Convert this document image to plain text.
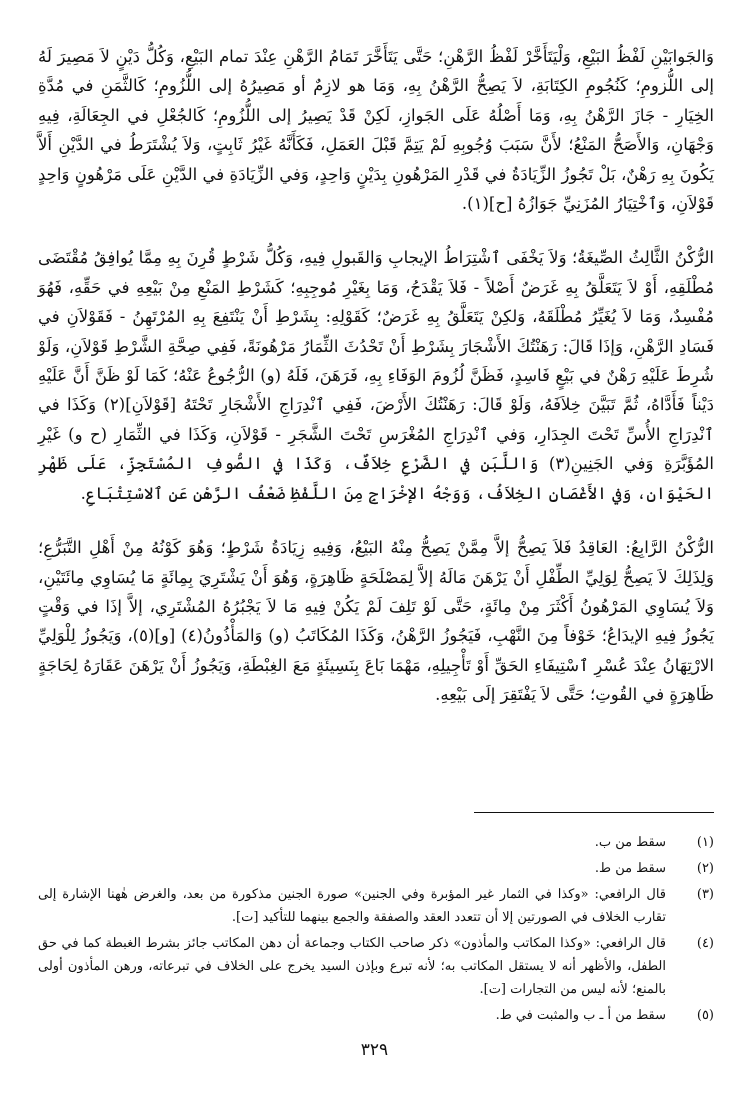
وَالجَوابَيْنِ لَفْظُ البَيْعِ، وَلْيَتَأَخَّرْ لَفْظُ الرَّهْنِ؛ حَتَّى يَتَأَخَّرَ تَمَامُ الرَّهْنِ عِنْدَ تمام البَيْعِ، وَكُلُّ دَيْنٍ لاَ مَصِيرَ لَهُ إلى اللُّزومِ؛ كَنُجُومِ الكِتَابَةِ، لاَ يَصِحُّ الرَّهْنُ بِهِ، وَمَا هو لازِمٌ أو مَصِيرُهُ إلى اللُّزُومِ؛ كَالثَّمَنِ في مُدَّةِ الخِيَارِ - جَازَ الرَّهْنُ بِهِ، وَمَا أَصْلُهُ عَلَى الجَوازِ، لَكِنْ قَدْ يَصِيرُ إلى اللُّزُومِ؛ كَالجُعْلِ في الجِعَالَةِ، فِيهِ وَجْهَانِ، وَالأَصَحُّ المَنْعُ؛ لأَنَّ سَبَبَ وُجُوبِهِ لَمْ يَتِمَّ قَبْلَ العَمَلِ، فَكَأَنَّهُ غَيْرُ ثَابِتٍ، وَلاَ يُشْتَرَطُ في الدَّيْنِ أَلاَّ يَكُونَ بِهِ رَهْنٌ، بَلْ تَجُوزُ الزِّيَادَةُ في قَدْرِ المَرْهُونِ بِدَيْنٍ وَاحِدٍ، وَفي الزِّيَادَةِ في الدَّيْنِ عَلَى مَرْهُونٍ وَاحِدٍ قَوْلاَنِ، وَٱخْتِيَارُ المُزَنِيِّ جَوَازُهُ [ح](١).

الرُّكْنُ الثَّالِثُ الصِّيغَةُ؛ وَلاَ يَخْفَى ٱشْتِرَاطُ الإيجابِ وَالقَبولِ فِيهِ، وَكُلُّ شَرْطٍ قُرِنَ بِهِ مِمَّا يُوافِقُ مُقْتَضَى مُطْلَقِهِ، أَوْ لاَ يَتَعَلَّقُ بِهِ غَرَضٌ أَصْلاً - فَلاَ يَقْدَحُ، وَمَا بِغَيْرِ مُوجِبِهِ؛ كَشَرْطِ المَنْعِ مِنْ بَيْعِهِ في حَقِّهِ، فَهُوَ مُفْسِدٌ، وَمَا لاَ يُغَيِّرُ مُطْلَقَهُ، وَلكِنْ يَتَعَلَّقُ بِهِ غَرَضٌ؛ كَقَوْلِهِ: بِشَرْطِ أَنْ يَنْتَفِعَ بِهِ المُرْتَهِنُ - فَقَوْلاَنِ في فَسَادِ الرَّهْنِ، وَإذَا قَالَ: رَهَنْتُكَ الأَشْجَارَ بِشَرْطِ أَنْ تَحْدُثَ الثِّمَارُ مَرْهُونَةً، فَفِي صِحَّةِ الشَّرْطِ قَوْلاَنِ، وَلَوْ شُرِطَ عَلَيْهِ رَهْنٌ في بَيْعٍ فَاسِدٍ، فَظَنَّ لُزُومَ الوَفَاءِ بِهِ، فَرَهَنَ، فَلَهُ (و) الرُّجُوعُ عَنْهُ؛ كَمَا لَوْ ظَنَّ أَنَّ عَلَيْهِ دَيْناً فَأَدَّاهُ، ثُمَّ تَبَيَّنَ خِلاَفَهُ، وَلَوْ قَالَ: رَهَنْتُكَ الأَرْضَ، فَفِي ٱنْدِرَاجِ الأَشْجَارِ تَحْتَهُ [قَوْلاَنِ](٢) وَكَذَا في ٱنْدِرَاجِ الأُسِّ تَحْتَ الجِدَارِ، وَفي ٱنْدِرَاجِ المُغْرَسِ تَحْتَ الشَّجَرِ - قَوْلاَنِ، وَكَذَا في الثِّمَارِ (ح و) غَيْرِ المُؤَبَّرَةِ وَفي الجَنِينِ(٣) وَاللَّبَنِ في الضَّرْعِ خِلاَفٌ، وَكَذَا في الصُّوفِ المُسْتَجِزِّ، عَلَى ظَهْرِ الحَيْوَانِ، وَفي الأَغْصَانِ الخِلاَفُ، وَوَجْهُ الإخْرَاجِ مِنَ اللَّفْظِ ضَعْفُ الرَّهْنِ عَنِ ٱلاسْتِتْبَاعِ.

الرُّكْنُ الرَّابِعُ: العَاقِدُ فَلاَ يَصِحُّ إلاَّ مِمَّنْ يَصِحُّ مِنْهُ البَيْعُ، وَفِيهِ زِيَادَةُ شَرْطٍ؛ وَهُوَ كَوْنُهُ مِنْ أَهْلِ التَّبَرُّعِ؛ وَلِذَلِكَ لاَ يَصِحُّ لِوَلِيِّ الطِّفْلِ أَنْ يَرْهَنَ مَالَهُ إلاَّ لِمَصْلَحَةٍ ظَاهِرَةٍ، وَهُوَ أَنْ يَشْتَرِيَ بِمِائَةٍ مَا يُسَاوِي مِائَتَيْنِ، وَلاَ يُسَاوِي المَرْهُونُ أَكْثَرَ مِنْ مِائَةٍ، حَتَّى لَوْ تَلِفَ لَمْ يَكُنْ فِيهِ مَا لاَ يَجْبُرُهُ المُشْتَرِي، إلاَّ إذَا في وَقْتٍ يَجُوزُ فِيهِ الإيدَاعُ؛ خَوْفاً مِنَ النَّهْبِ، فَيَجُوزُ الرَّهْنُ، وَكَذَا المُكَاتَبُ (و) وَالمَأْذُونُ(٤) [و](٥)، وَيَجُوزُ لِلْوَلِيِّ الارْتِهَانُ عِنْدَ عُسْرِ ٱسْتِيفَاءِ الحَقِّ أَوْ تَأْجِيلِهِ، مَهْمَا بَاعَ بِنَسِيئَةٍ مَعَ الغِبْطَةِ، وَيَجُوزُ أَنْ يَرْهَنَ عَقَارَهُ لِحَاجَةٍ ظَاهِرَةٍ في القُوتِ؛ حَتَّى لاَ يَفْتَقِرَ إلَى بَيْعِهِ.

(١)
سقط من ب.
(٢)
سقط من ط.
(٣)
قال الرافعي: «وكذا في الثمار غير المؤبرة وفي الجنين» صورة الجنين مذكورة من بعد، والغرض هٰهنا الإشارة إلى تقارب الخلاف في الصورتين إلا أن تتعدد العقد والصفقة والجمع بينهما للتأكيد [ت].
(٤)
قال الرافعي: «وكذا المكاتب والمأذون» ذكر صاحب الكتاب وجماعة أن دهن المكاتب جائز بشرط الغبطة كما في حق الطفل، والأظهر أنه لا يستقل المكاتب به؛ لأنه تبرع وبإذن السيد يخرج على الخلاف في تبرعاته، ورهن المأذون أولى بالمنع؛ لأنه ليس من التجارات [ت].
(٥)
سقط من أ ـ ب والمثبت في ط.
٣٢٩
